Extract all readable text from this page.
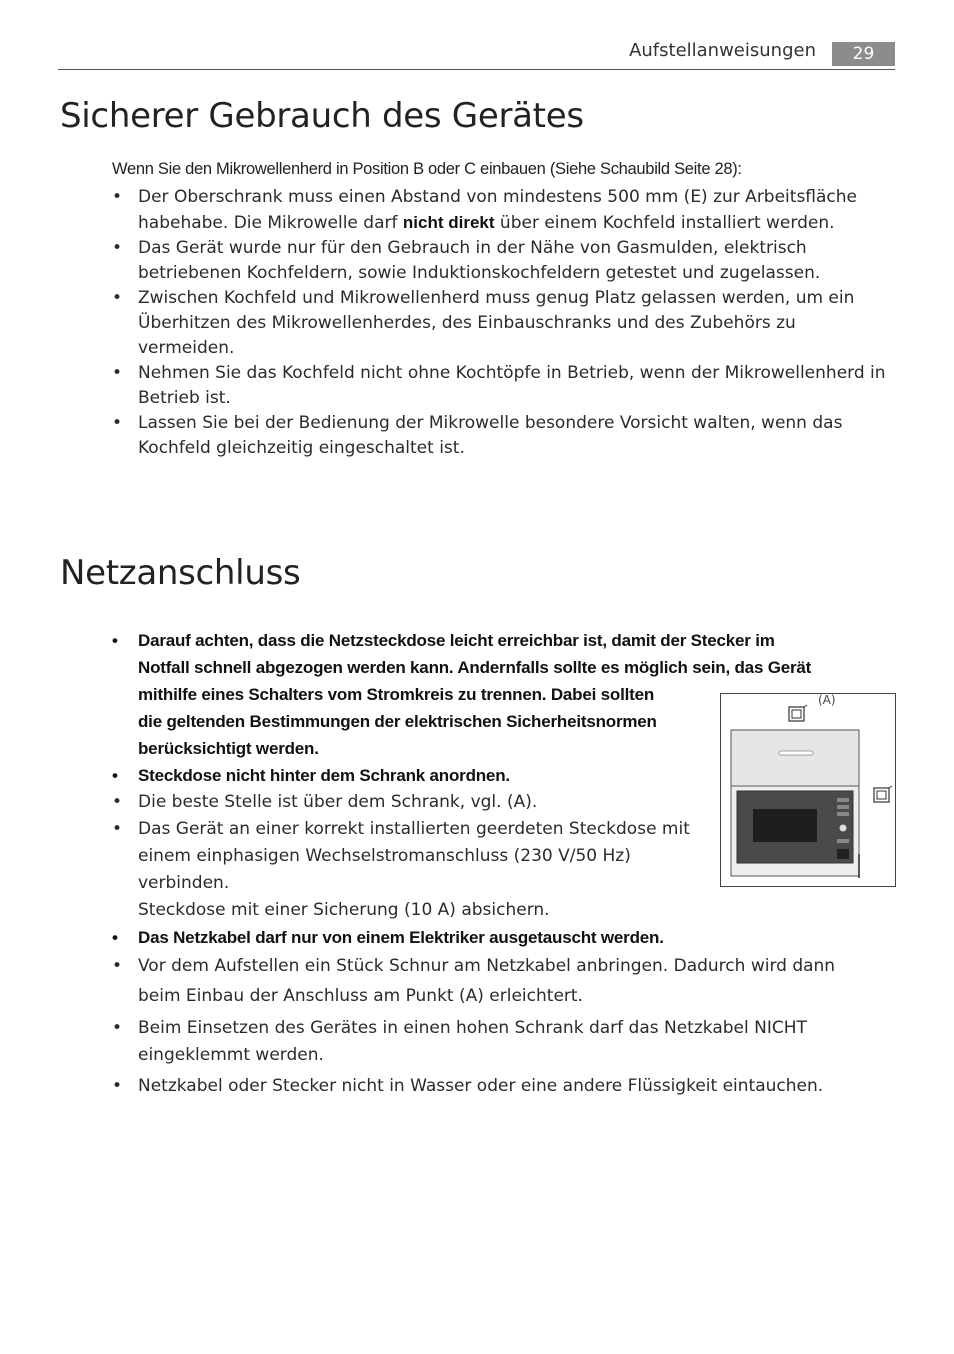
Aufstellanweisungen	29
Sicherer Gebrauch des Gerätes
Wenn Sie den Mikrowellenherd in Position B oder C einbauen (Siehe Schaubild Seite 28):
• Der Oberschrank muss einen Abstand von mindestens 500 mm (E) zur Arbeitsfläche habehabe. Die Mikrowelle darf nicht direkt über einem Kochfeld installiert werden.
• Das Gerät wurde nur für den Gebrauch in der Nähe von Gasmulden, elektrisch betriebenen Kochfeldern, sowie Induktionskochfeldern getestet und zugelassen.
• Zwischen Kochfeld und Mikrowellenherd muss genug Platz gelassen werden, um ein Überhitzen des Mikrowellenherdes, des Einbauschranks und des Zubehörs zu vermeiden.
• Nehmen Sie das Kochfeld nicht ohne Kochtöpfe in Betrieb, wenn der Mikrowellenherd in Betrieb ist.
• Lassen Sie bei der Bedienung der Mikrowelle besondere Vorsicht walten, wenn das Kochfeld gleichzeitig eingeschaltet ist.
Netzanschluss
• Darauf achten, dass die Netzsteckdose leicht erreichbar ist, damit der Stecker im
Notfall schnell abgezogen werden kann. Andernfalls sollte es möglich sein, das Gerät
mithilfe eines Schalters vom Stromkreis zu trennen. Dabei sollten
die geltenden Bestimmungen der elektrischen Sicherheitsnormen
berücksichtigt werden.
• Steckdose nicht hinter dem Schrank anordnen.
• Die beste Stelle ist über dem Schrank, vgl. (A).
• Das Gerät an einer korrekt installierten geerdeten Steckdose mit
einem einphasigen Wechselstromanschluss (230 V/50 Hz)
verbinden.
Steckdose mit einer Sicherung (10 A) absichern.
• Das Netzkabel darf nur von einem Elektriker ausgetauscht werden.
• Vor dem Aufstellen ein Stück Schnur am Netzkabel anbringen. Dadurch wird dann
beim Einbau der Anschluss am Punkt (A) erleichtert.
• Beim Einsetzen des Gerätes in einen hohen Schrank darf das Netzkabel NICHT
eingeklemmt werden.
• Netzkabel oder Stecker nicht in Wasser oder eine andere Flüssigkeit eintauchen.
(A)
